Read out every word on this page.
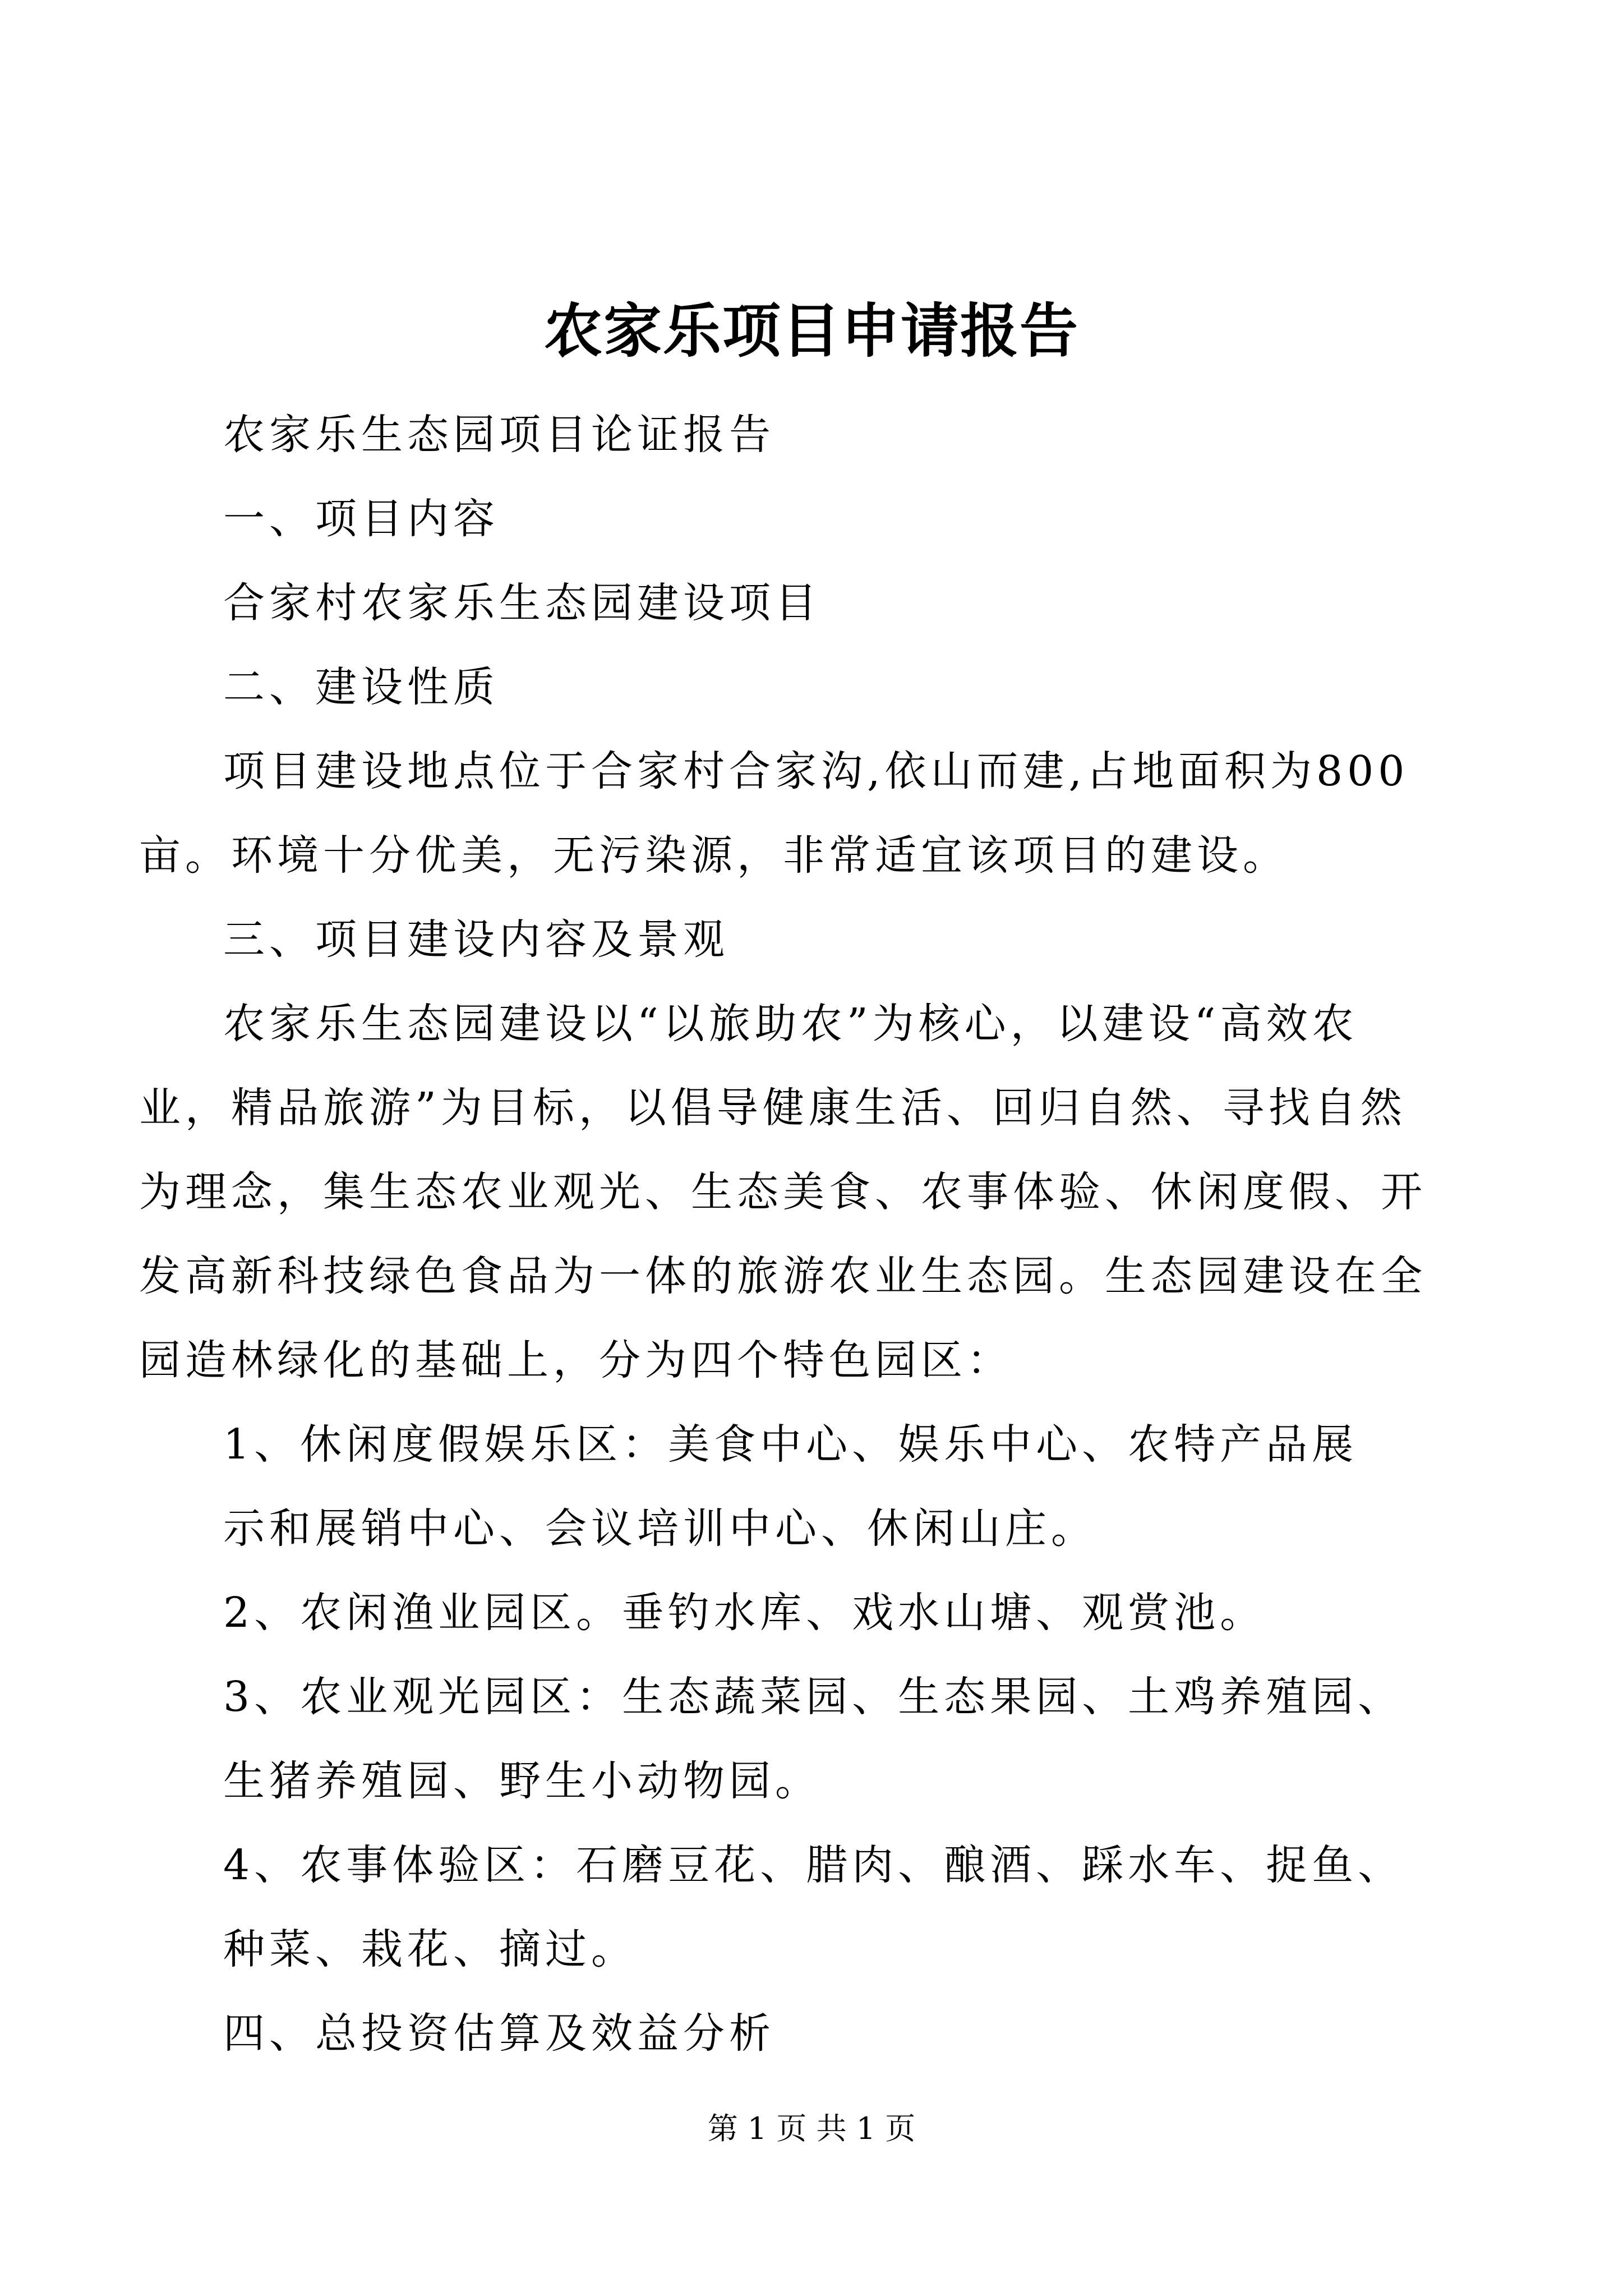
农家乐项目申请报告
农家乐生态园项目论证报告
一、项目内容
合家村农家乐生态园建设项目
二、建设性质
项目建设地点位于合家村合家沟,依山而建,占地面积为800
亩。环境十分优美，无污染源，非常适宜该项目的建设。
三、项目建设内容及景观
农家乐生态园建设以“以旅助农”为核心，以建设“高效农
业，精品旅游”为目标，以倡导健康生活、回归自然、寻找自然
为理念，集生态农业观光、生态美食、农事体验、休闲度假、开
发高新科技绿色食品为一体的旅游农业生态园。生态园建设在全
园造林绿化的基础上，分为四个特色园区：
1、休闲度假娱乐区：美食中心、娱乐中心、农特产品展
示和展销中心、会议培训中心、休闲山庄。
2、农闲渔业园区。垂钓水库、戏水山塘、观赏池。
3、农业观光园区：生态蔬菜园、生态果园、土鸡养殖园、
生猪养殖园、野生小动物园。
4、农事体验区：石磨豆花、腊肉、酿酒、踩水车、捉鱼、
种菜、栽花、摘过。
四、总投资估算及效益分析
第 1 页 共 1 页
